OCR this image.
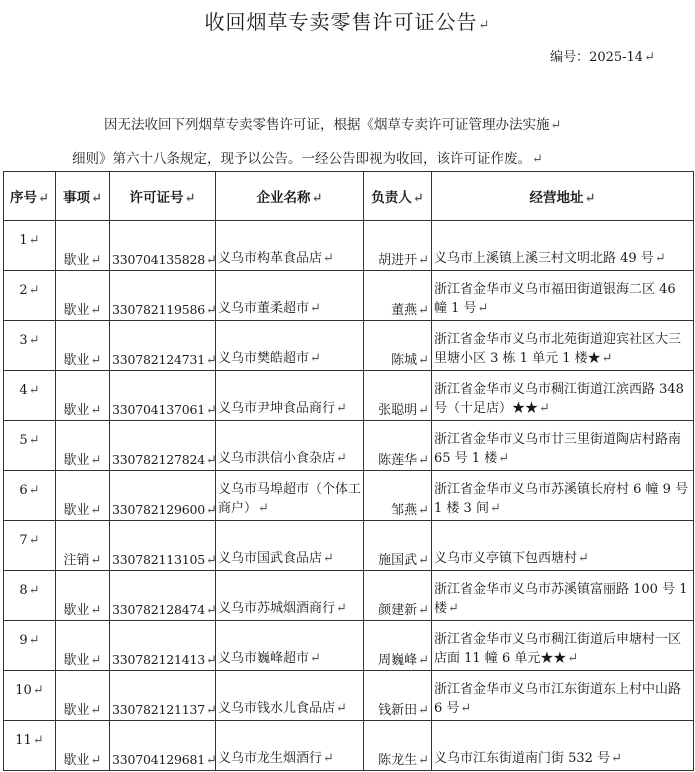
收回烟草专卖零售许可证公告↵
编号：2025-14↵
因无法收回下列烟草专卖零售许可证，根据《烟草专卖许可证管理办法实施↵
细则》第六十八条规定，现予以公告。一经公告即视为收回，该许可证作废。↵
序号↵	事项↵	许可证号↵	企业名称↵	负责人↵	经营地址↵
1↵	歇业↵	330704135828↵	义乌市构革食品店↵	胡进开↵	义乌市上溪镇上溪三村文明北路 49 号↵
2↵	歇业↵	330782119586↵	义乌市董柔超市↵	董燕↵	浙江省金华市义乌市福田街道银海二区 46 幢 1 号↵
3↵	歇业↵	330782124731↵	义乌市樊皓超市↵	陈城↵	浙江省金华市义乌市北苑街道迎宾社区大三里塘小区 3 栋 1 单元 1 楼★↵
4↵	歇业↵	330704137061↵	义乌市尹坤食品商行↵	张聪明↵	浙江省金华市义乌市稠江街道江滨西路 348 号（十足店）★★↵
5↵	歇业↵	330782127824↵	义乌市洪信小食杂店↵	陈莲华↵	浙江省金华市义乌市廿三里街道陶店村路南 65 号 1 楼↵
6↵	歇业↵	330782129600↵	义乌市马埠超市（个体工商户）↵	邹燕↵	浙江省金华市义乌市苏溪镇长府村 6 幢 9 号 1 楼 3 间↵
7↵	注销↵	330782113105↵	义乌市国武食品店↵	施国武↵	义乌市义亭镇下包西塘村↵
8↵	歇业↵	330782128474↵	义乌市苏城烟酒商行↵	颜建新↵	浙江省金华市义乌市苏溪镇富丽路 100 号 1 楼↵
9↵	歇业↵	330782121413↵	义乌市巍峰超市↵	周巍峰↵	浙江省金华市义乌市稠江街道后申塘村一区店面 11 幢 6 单元★★↵
10↵	歇业↵	330782121137↵	义乌市钱水儿食品店↵	钱新田↵	浙江省金华市义乌市江东街道东上村中山路 6 号↵
11↵	歇业↵	330704129681↵	义乌市龙生烟酒行↵	陈龙生↵	义乌市江东街道南门街 532 号↵
